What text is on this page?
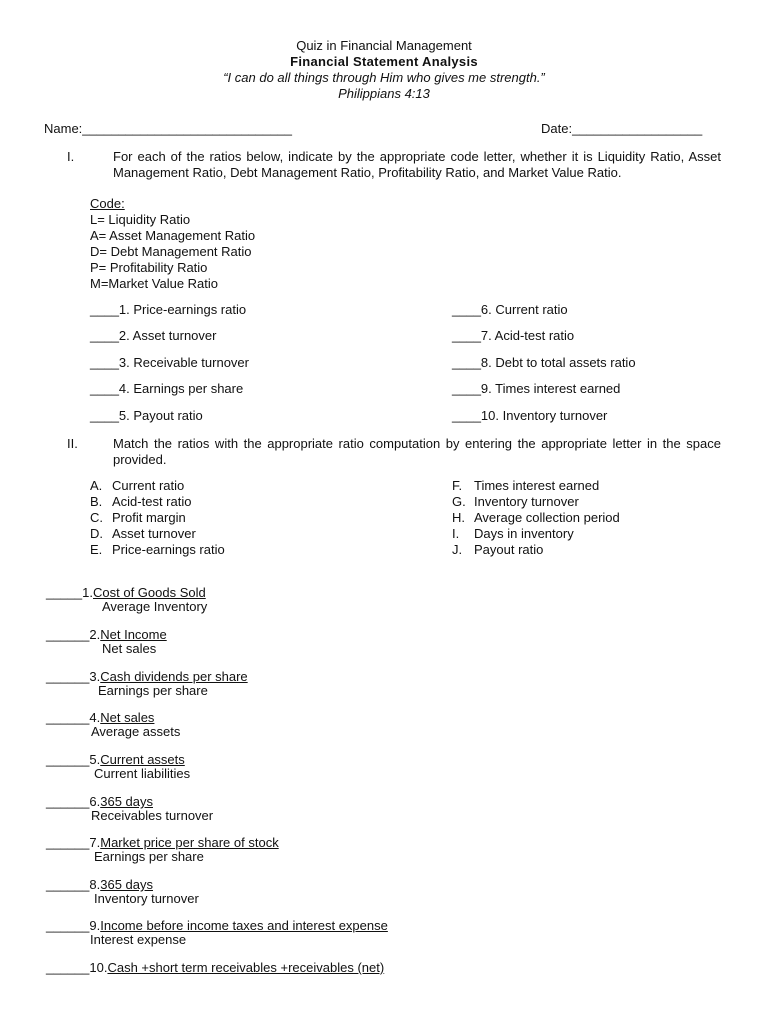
Quiz in Financial Management
Financial Statement Analysis
“I can do all things through Him who gives me strength.”
Philippians 4:13
Name:_____________________________	Date:__________________
I.	For each of the ratios below, indicate by the appropriate code letter, whether it is Liquidity Ratio, Asset Management Ratio, Debt Management Ratio, Profitability Ratio, and Market Value Ratio.
Code:
L= Liquidity Ratio
A= Asset Management Ratio
D= Debt Management Ratio
P= Profitability Ratio
M=Market Value Ratio
____1. Price-earnings ratio
____2. Asset turnover
____3. Receivable turnover
____4. Earnings per share
____5. Payout ratio
____6. Current ratio
____7. Acid-test ratio
____8. Debt to total assets ratio
____9. Times interest earned
____10. Inventory turnover
II.	Match the ratios with the appropriate ratio computation by entering the appropriate letter in the space provided.
A. Current ratio
B. Acid-test ratio
C. Profit margin
D. Asset turnover
E. Price-earnings ratio
F. Times interest earned
G. Inventory turnover
H. Average collection period
I.	Days in inventory
J. Payout ratio
_____1.Cost of Goods Sold
Average Inventory
______2.Net Income
Net sales
______3.Cash dividends per share
Earnings per share
______4.Net sales
Average assets
______5.Current assets
Current liabilities
______6.365 days
Receivables turnover
______7.Market price per share of stock
Earnings per share
______8.365 days
Inventory turnover
______9.Income before income taxes and interest expense
Interest expense
______10.Cash +short term receivables +receivables (net)
